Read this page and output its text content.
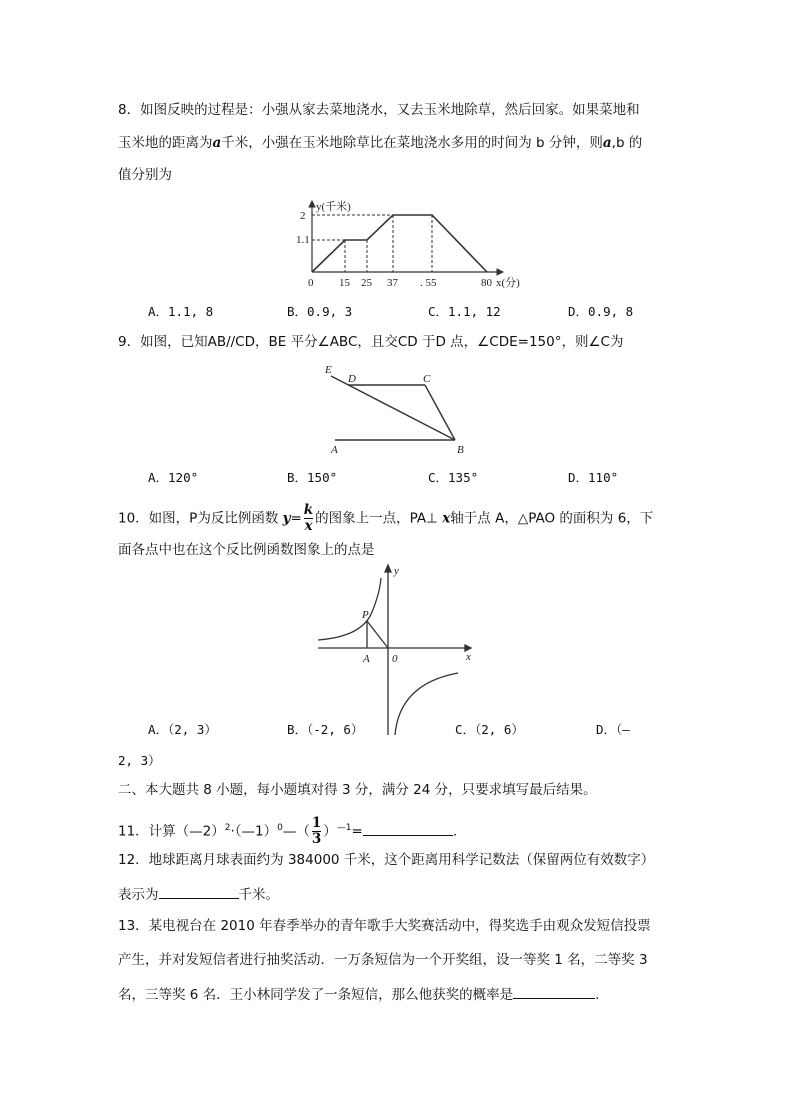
8．如图反映的过程是：小强从家去菜地浇水，又去玉米地除草，然后回家。如果菜地和
玉米地的距离为a千米，小强在玉米地除草比在菜地浇水多用的时间为 b 分钟，则a,b 的
值分别为
y(千米)
2
1.1
0 15 25 37 . 55	80 x(分)
E
D	C
A	B
P
A 0	x
y
A．1.1, 8	B．0.9, 3	C．1.1, 12	D．0.9, 8
9．如图，已知AB//CD，BE 平分∠ABC，且交CD 于D 点，∠CDE=150°，则∠C为
A．120°	B．150°	C．135°	D．110°
10．如图，P为反比例函数 $y= \frac{k}{x}$ 的图象上一点，PA⊥ x轴于点 A，△PAO 的面积为 6，下
面各点中也在这个反比例函数图象上的点是
A．（2, 3）	B．（-2, 6）	C．（2, 6）	D．（—
2, 3）
二、本大题共 8 小题，每小题填对得 3 分，满分 24 分，只要求填写最后结果。
11．计算（—2）$^2$·（—1）$^0$—（ $\frac{1}{3} )^{—1}=$	.
12．地球距离月球表面约为 384000 千米，这个距离用科学记数法（保留两位有效数字）
表示为	千米。
13．某电视台在 2010 年春季举办的青年歌手大奖赛活动中，得奖选手由观众发短信投票
产生，并对发短信者进行抽奖活动．一万条短信为一个开奖组，设一等奖 1 名，二等奖 3
名，三等奖 6 名．王小林同学发了一条短信，那么他获奖的概率是	.
